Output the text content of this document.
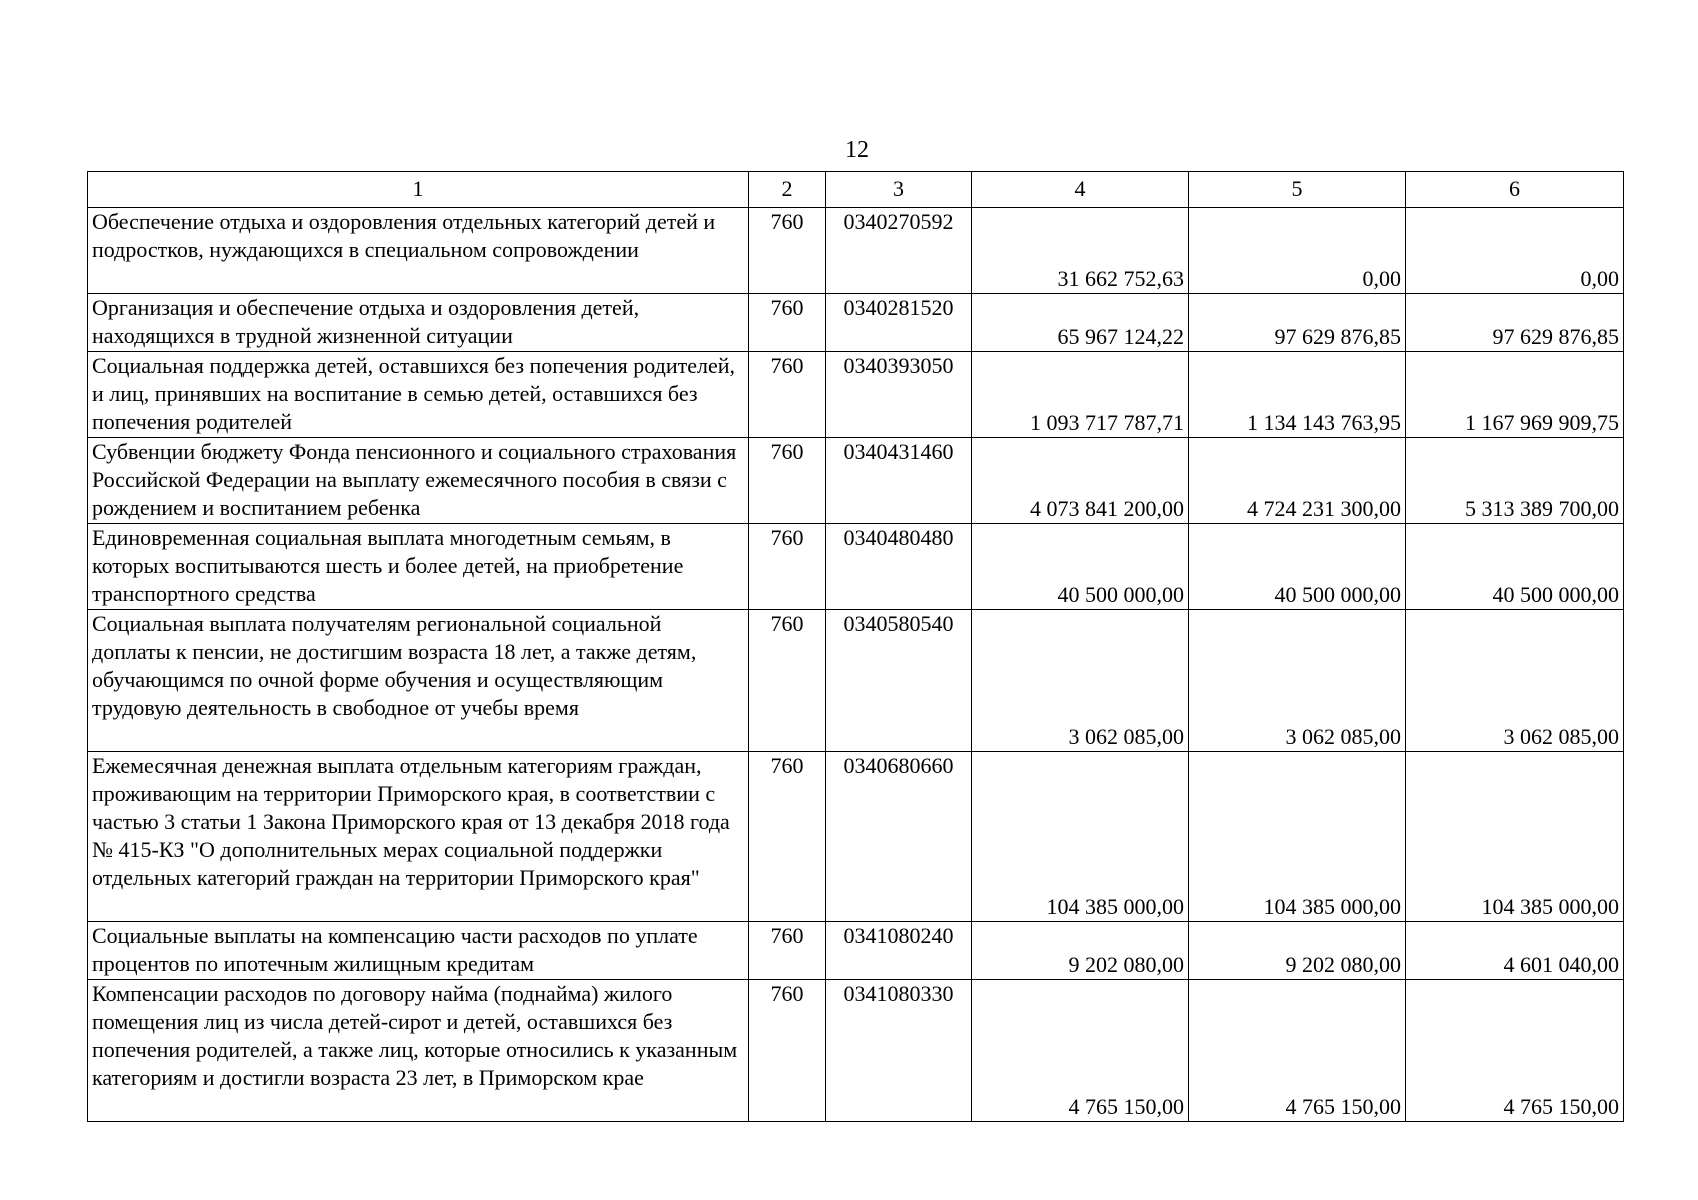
12
1	2	3	4	5	6
Обеспечение отдыха и оздоровления отдельных категорий детей и подростков, нуждающихся в специальном сопровождении	760	0340270592	31 662 752,63	0,00	0,00
Организация и обеспечение отдыха и оздоровления детей, находящихся в трудной жизненной ситуации	760	0340281520	65 967 124,22	97 629 876,85	97 629 876,85
Социальная поддержка детей, оставшихся без попечения родителей, и лиц, принявших на воспитание в семью детей, оставшихся без попечения родителей	760	0340393050	1 093 717 787,71	1 134 143 763,95	1 167 969 909,75
Субвенции бюджету Фонда пенсионного и социального страхования Российской Федерации на выплату ежемесячного пособия в связи с рождением и воспитанием ребенка	760	0340431460	4 073 841 200,00	4 724 231 300,00	5 313 389 700,00
Единовременная социальная выплата многодетным семьям, в которых воспитываются шесть и более детей, на приобретение транспортного средства	760	0340480480	40 500 000,00	40 500 000,00	40 500 000,00
Социальная выплата получателям региональной социальной доплаты к пенсии, не достигшим возраста 18 лет, а также детям, обучающимся по очной форме обучения и осуществляющим трудовую деятельность в свободное от учебы время	760	0340580540	3 062 085,00	3 062 085,00	3 062 085,00
Ежемесячная денежная выплата отдельным категориям граждан, проживающим на территории Приморского края, в соответствии с частью 3 статьи 1 Закона Приморского края от 13 декабря 2018 года № 415-КЗ "О дополнительных мерах социальной поддержки отдельных категорий граждан на территории Приморского края"	760	0340680660	104 385 000,00	104 385 000,00	104 385 000,00
Социальные выплаты на компенсацию части расходов по уплате процентов по ипотечным жилищным кредитам	760	0341080240	9 202 080,00	9 202 080,00	4 601 040,00
Компенсации расходов по договору найма (поднайма) жилого помещения лиц из числа детей-сирот и детей, оставшихся без попечения родителей, а также лиц, которые относились к указанным категориям и достигли возраста 23 лет, в Приморском крае	760	0341080330	4 765 150,00	4 765 150,00	4 765 150,00
